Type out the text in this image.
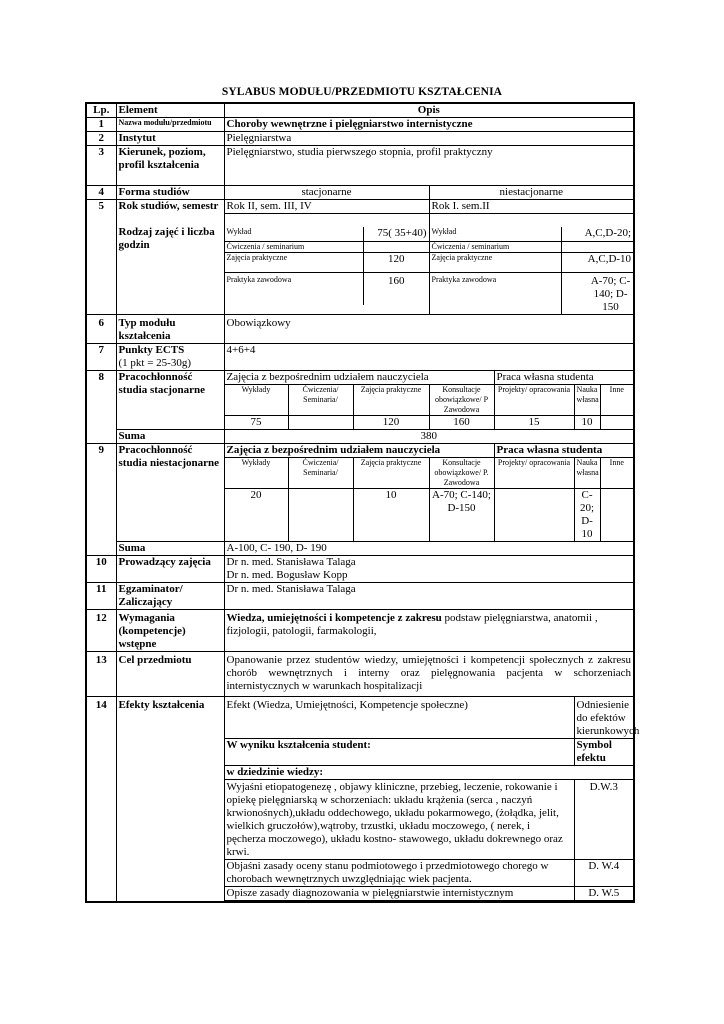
SYLABUS MODUŁU/PRZEDMIOTU KSZTAŁCENIA
Lp.	Element	Opis
1	Nazwa modułu/przedmiotu	Choroby wewnętrzne i pielęgniarstwo internistyczne
2	Instytut	Pielęgniarstwa
3	Kierunek, poziom, profil kształcenia	Pielęgniarstwo, studia pierwszego stopnia, profil praktyczny
4	Forma studiów	stacjonarne	niestacjonarne
5	Rok studiów, semestr
Rodzaj zajęć i liczba godzin

Rok II, sem. III, IV
Wykład	75( 35+40)
Ćwiczenia / seminarium	
Zajęcia praktyczne	120
Praktyka zawodowa	160

Rok I. sem.II
Wykład	A,C,D-20;
Ćwiczenia / seminarium	
Zajęcia praktyczne	A,C,D-10
Praktyka zawodowa	A-70; C-140; D-150

6	Typ modułu kształcenia	Obowiązkowy
7	Punkty ECTS
(1 pkt = 25-30g)
	4+6+4
8	Pracochłonność studia stacjonarne	Zajęcia z bezpośrednim udziałem nauczyciela	Praca własna studenta
Wykłady	Ćwiczenia/ Seminaria/	Zajęcia praktyczne	Konsultacje obowiązkowe/ P Zawodowa	Projekty/ opracowania	Nauka własna	Inne
75		120	160	15	10	
Suma	380
9	Pracochłonność studia niestacjonarne	Zajęcia z bezpośrednim udziałem nauczyciela	Praca własna studenta
Wykłady	Ćwiczenia/ Seminaria/	Zajęcia praktyczne	Konsultacje obowiązkowe/ P. Zawodowa	Projekty/ opracowania	Nauka własna	Inne
20		10	A-70; C-140; D-150		C-20; D-10	
Suma	A-100, C- 190, D- 190
10	Prowadzący zajęcia	Dr n. med. Stanisława Talaga
Dr n. med. Bogusław Kopp

11	Egzaminator/ Zaliczający	Dr n. med. Stanisława Talaga
12	Wymagania (kompetencje) wstępne	Wiedza, umiejętności i kompetencje z zakresu podstaw pielęgniarstwa, anatomii , fizjologii, patologii, farmakologii,
13	Cel przedmiotu	Opanowanie przez studentów wiedzy, umiejętności i kompetencji społecznych z zakresu chorób wewnętrznych i interny oraz pielęgnowania pacjenta w schorzeniach internistycznych w warunkach hospitalizacji
14	Efekty kształcenia	Efekt (Wiedza, Umiejętności, Kompetencje społeczne)	Odniesienie do efektów kierunkowych
W wyniku kształcenia student:	Symbol efektu
w dziedzinie wiedzy:
Wyjaśni etiopatogenezę , objawy kliniczne, przebieg, leczenie, rokowanie i opiekę pielęgniarską w schorzeniach: układu krążenia (serca , naczyń krwionośnych),układu oddechowego, układu pokarmowego, (żołądka, jelit, wielkich gruczołów),wątroby, trzustki, układu moczowego, ( nerek, i pęcherza moczowego), układu kostno- stawowego, układu dokrewnego oraz krwi.	D.W.3
Objaśni zasady oceny stanu podmiotowego i przedmiotowego chorego w chorobach wewnętrznych uwzględniając wiek pacjenta.	D. W.4
Opisze zasady diagnozowania w pielęgniarstwie internistycznym	D. W.5
